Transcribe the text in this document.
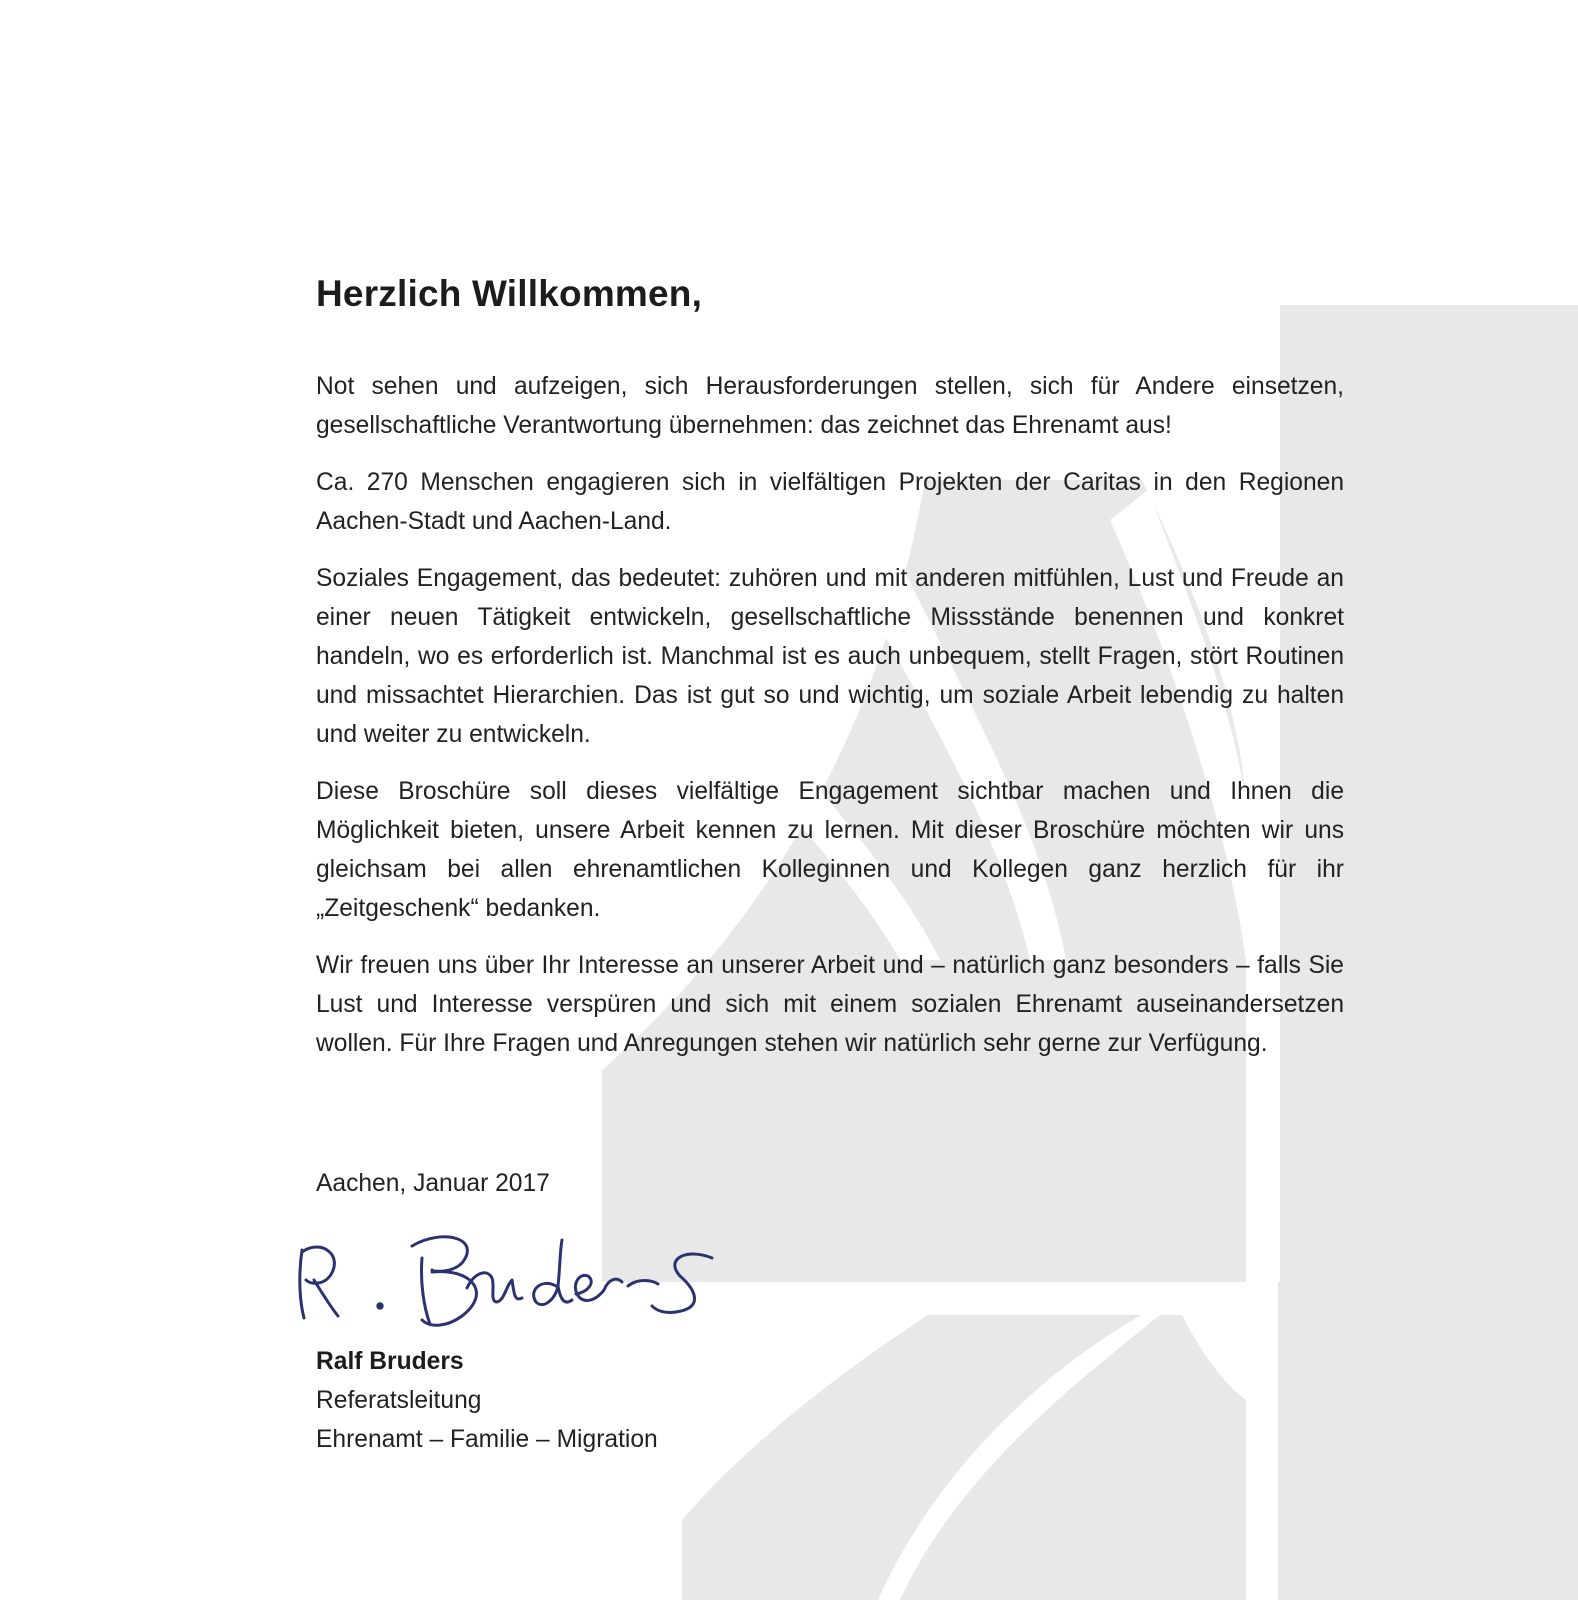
Herzlich Willkommen,

Not sehen und aufzeigen, sich Herausforderungen stellen, sich für Andere einsetzen, gesellschaftliche Verantwortung übernehmen: das zeichnet das Ehrenamt aus!

Ca. 270 Menschen engagieren sich in vielfältigen Projekten der Caritas in den Regionen Aachen-Stadt und Aachen-Land.

Soziales Engagement, das bedeutet: zuhören und mit anderen mitfühlen, Lust und Freude an einer neuen Tätigkeit entwickeln, gesellschaftliche Missstände benennen und konkret handeln, wo es erforderlich ist. Manchmal ist es auch unbequem, stellt Fragen, stört Routinen und missachtet Hierarchien. Das ist gut so und wichtig, um soziale Arbeit lebendig zu halten und weiter zu entwickeln.

Diese Broschüre soll dieses vielfältige Engagement sichtbar machen und Ihnen die Möglichkeit bieten, unsere Arbeit kennen zu lernen. Mit dieser Broschüre möchten wir uns gleichsam bei allen ehrenamtlichen Kolleginnen und Kollegen ganz herzlich für ihr „Zeitgeschenk“ bedanken.

Wir freuen uns über Ihr Interesse an unserer Arbeit und – natürlich ganz besonders – falls Sie Lust und Interesse verspüren und sich mit einem sozialen Ehrenamt auseinandersetzen wollen. Für Ihre Fragen und Anregungen stehen wir natürlich sehr gerne zur Verfügung.

Aachen, Januar 2017
Ralf Bruders
Referatsleitung
Ehrenamt – Familie – Migration
